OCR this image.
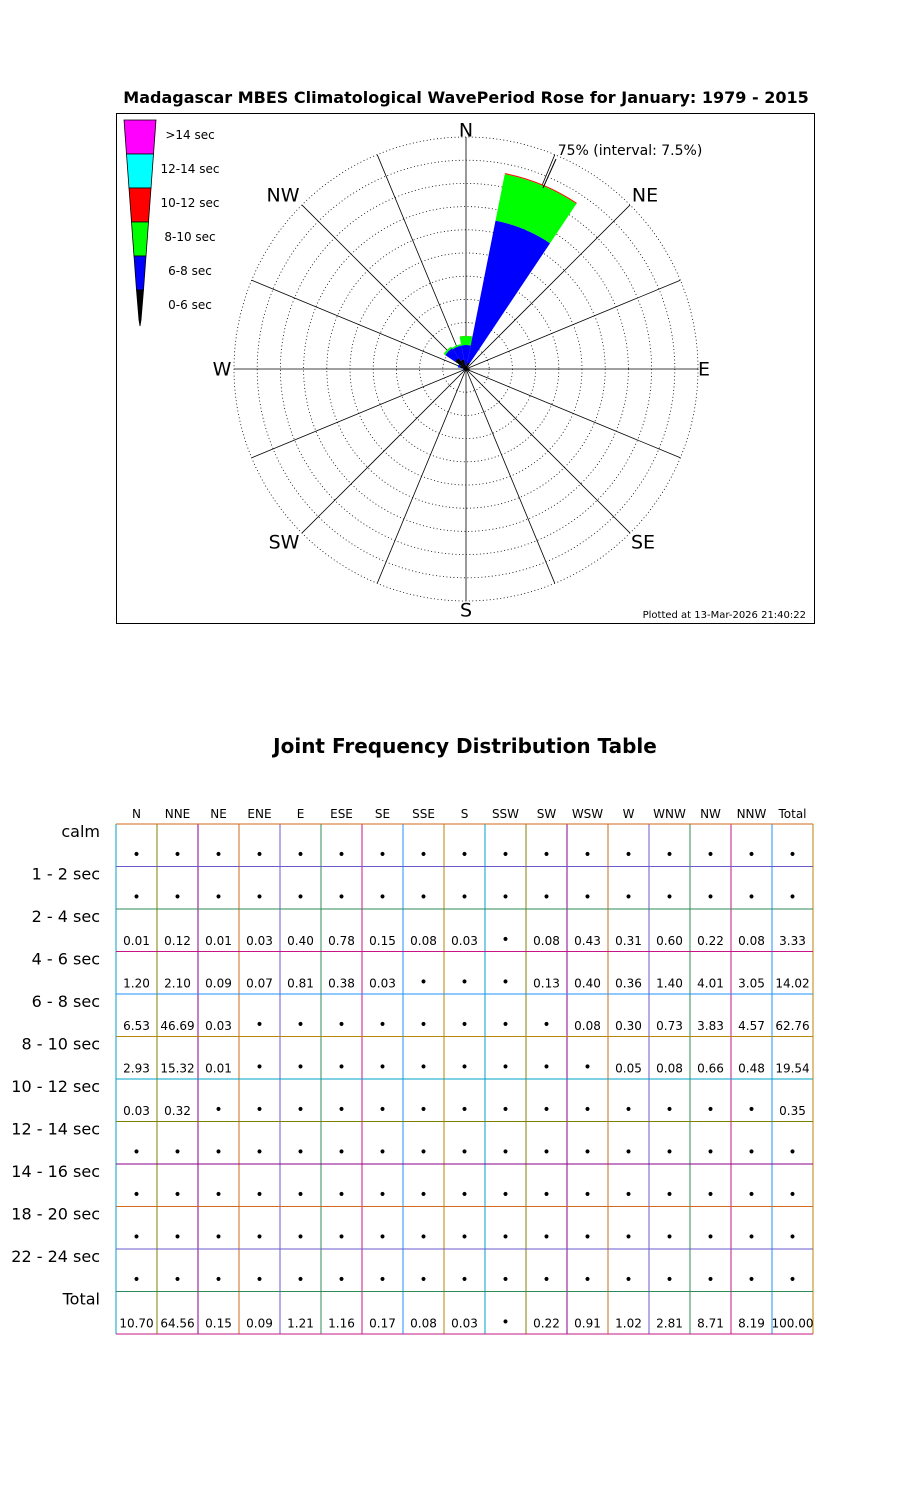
Madagascar MBES Climatological WavePeriod Rose for January: 1979 - 2015
Plotted at 13-Mar-2026 21:40:22
N
NE
E
SE
S
SW
W
NW
75% (interval: 7.5%)
>14 sec
12-14 sec
10-12 sec
8-10 sec
6-8 sec
0-6 sec
Joint Frequency Distribution Table
N NNE NE ENE E ESE SE SSE S SSW SW WSW W WNW NW NNW Total
calm
• • • • • • • • • • • • • • • • •
1 - 2 sec
• • • • • • • • • • • • • • • • •
2 - 4 sec
0.01 0.12 0.01 0.03 0.40 0.78 0.15 0.08 0.03 • 0.08 0.43 0.31 0.60 0.22 0.08 3.33
4 - 6 sec
1.20 2.10 0.09 0.07 0.81 0.38 0.03 • • • 0.13 0.40 0.36 1.40 4.01 3.05 14.02
6 - 8 sec
6.53 46.69 0.03 • • • • • • • • 0.08 0.30 0.73 3.83 4.57 62.76
8 - 10 sec
2.93 15.32 0.01 • • • • • • • • • 0.05 0.08 0.66 0.48 19.54
10 - 12 sec
0.03 0.32 • • • • • • • • • • • • • • 0.35
12 - 14 sec
• • • • • • • • • • • • • • • • •
14 - 16 sec
• • • • • • • • • • • • • • • • •
18 - 20 sec
• • • • • • • • • • • • • • • • •
22 - 24 sec
• • • • • • • • • • • • • • • • •
Total
10.70 64.56 0.15 0.09 1.21 1.16 0.17 0.08 0.03 • 0.22 0.91 1.02 2.81 8.71 8.19 100.00
